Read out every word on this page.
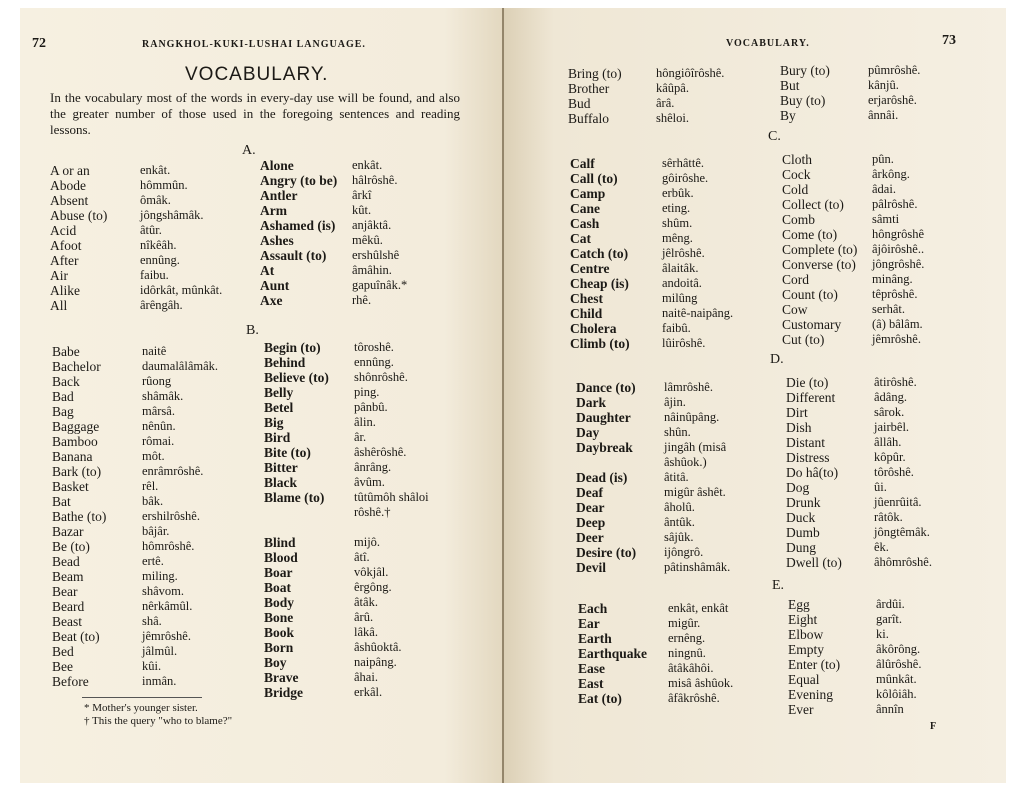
72	RANGKHOL-KUKI-LUSHAI LANGUAGE.
VOCABULARY.
In the vocabulary most of the words in every-day use will be found, and also the greater number of those used in the foregoing sentences and reading lessons.
A.
A or an	enkât.
Abode	hômmûn.
Absent	ômâk.
Abuse (to)	jôngshâmâk.
Acid	âtûr.
Afoot	nîkêâh.
After	ennûng.
Air	faibu.
Alike	idôrkât, mûnkât.
All	ârêngâh.
Alone	enkât.
Angry (to be) hâlrôshê.
Antler	ârkî
Arm	kût.
Ashamed (is) anjâktâ.
Ashes	mêkû.
Assault (to) ershûlshê
At	âmâhin.
Aunt	gapuînâk.*
Axe	rhê.
B.
Babe	naitê
Bachelor	daumalâlâmâk.
Back	rûong
Bad	shâmâk.
Bag	mârsâ.
Baggage	nênûn.
Bamboo	rômai.
Banana	môt.
Bark (to)	enrâmrôshê.
Basket	rêl.
Bat	bâk.
Bathe (to)	ershilrôshê.
Bazar	bâjâr.
Be (to)	hômrôshê.
Bead	ertê.
Beam	miling.
Bear	shâvom.
Beard	nêrkâmûl.
Beast	shâ.
Beat (to)	jêmrôshê.
Bed	jâlmûl.
Bee	kûi.
Before	inmân.
Begin (to)	tôroshê.
Behind	ennûng.
Believe (to) shônrôshê.
Belly	ping.
Betel	pânbû.
Big	âlin.
Bird	âr.
Bite (to)	âshêrôshê.
Bitter	ânrâng.
Black	âvûm.
Blame (to) tûtûmôh shâloi
rôshê.†
Blind	mijô.
Blood	âtî.
Boar	vôkjâl.
Boat	êrgông.
Body	âtâk.
Bone	ârû.
Book	lâkâ.
Born	âshûoktâ.
Boy	naipâng.
Brave	âhai.
Bridge	erkâl.
* Mother's younger sister.
† This the query "who to blame?"
VOCABULARY.	73
Bring (to)	hôngiôîrôshê.
Brother	kâûpâ.
Bud	ârâ.
Buffalo	shêloi.
Bury (to)	pûmrôshê.
But	kânjû.
Buy (to)	erjarôshê.
By	ânnâi.
C.
Calf	sêrhâttê.
Call (to)	gôirôshe.
Camp	erbûk.
Cane	eting.
Cash	shûm.
Cat	mêng.
Catch (to)	jêlrôshê.
Centre	âlaitâk.
Cheap (is)	andoitâ.
Chest	milûng
Child	naitê-naipâng.
Cholera	faibû.
Climb (to)	lûirôshê.
Cloth	pûn.
Cock	ârkông.
Cold	âdai.
Collect (to) pâlrôshê.
Comb	sâmti
Come (to)	hôngrôshê
Complete (to) âjôirôshê..
Converse (to) jôngrôshê.
Cord	minâng.
Count (to)	têprôshê.
Cow	serhât.
Customary (â) bâlâm.
Cut (to)	jêmrôshê.
D.
Dance (to) lâmrôshê.
Dark	âjin.
Daughter	nâinûpâng.
Day	shûn.
Daybreak jingâh (misâ
âshûok.)
Dead (is)	âtitâ.
Deaf	migûr âshêt.
Dear	âholû.
Deep	ântûk.
Deer	sâjûk.
Desire (to) ijôngrô.
Devil	pâtinshâmâk.
Die (to)	âtirôshê.
Different	âdâng.
Dirt	sârok.
Dish	jairbêl.
Distant	âllâh.
Distress	kôpûr.
Do hâ(to)	tôrôshê.
Dog	ûi.
Drunk	jûenrûitâ.
Duck	râtôk.
Dumb	jôngtêmâk.
Dung	êk.
Dwell (to)	âhômrôshê.
E.
Each	enkât, enkât
Ear	migûr.
Earth	ernêng.
Earthquake ningnû.
Ease	âtâkâhôi.
East	misâ âshûok.
Eat (to)	âfâkrôshê.
Egg	ârdûi.
Eight	garît.
Elbow	ki.
Empty	âkôrông.
Enter (to)	âlûrôshê.
Equal	mûnkât.
Evening	kôlôiâh.
Ever	ânnîn
F
